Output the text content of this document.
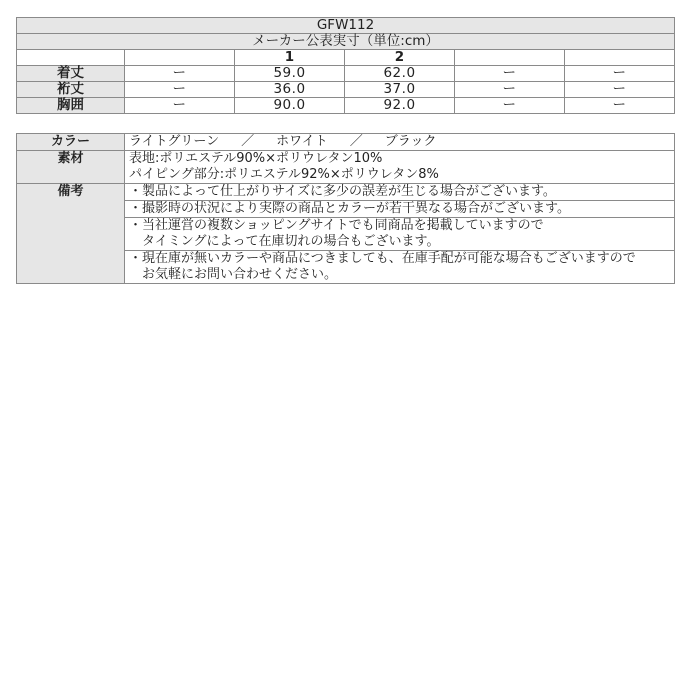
GFW112					
メーカー公表実寸（単位:cm）					
		1	2		
着丈	ー	59.0	62.0	ー	ー
裄丈	ー	36.0	37.0	ー	ー
胸囲	ー	90.0	92.0	ー	ー
カラー	ライトグリーン ／ ホワイト ／ ブラック

素材	表地:ポリエステル90%×ポリウレタン10%
パイピング部分:ポリエステル92%×ポリウレタン8%

備考	・製品によって仕上がりサイズに多少の誤差が生じる場合がございます。

	・撮影時の状況により実際の商品とカラーが若干異なる場合がございます。

	・当社運営の複数ショッピングサイトでも同商品を掲載していますので
　タイミングによって在庫切れの場合もございます。

	・現在庫が無いカラーや商品につきましても、在庫手配が可能な場合もございますので
　お気軽にお問い合わせください。
